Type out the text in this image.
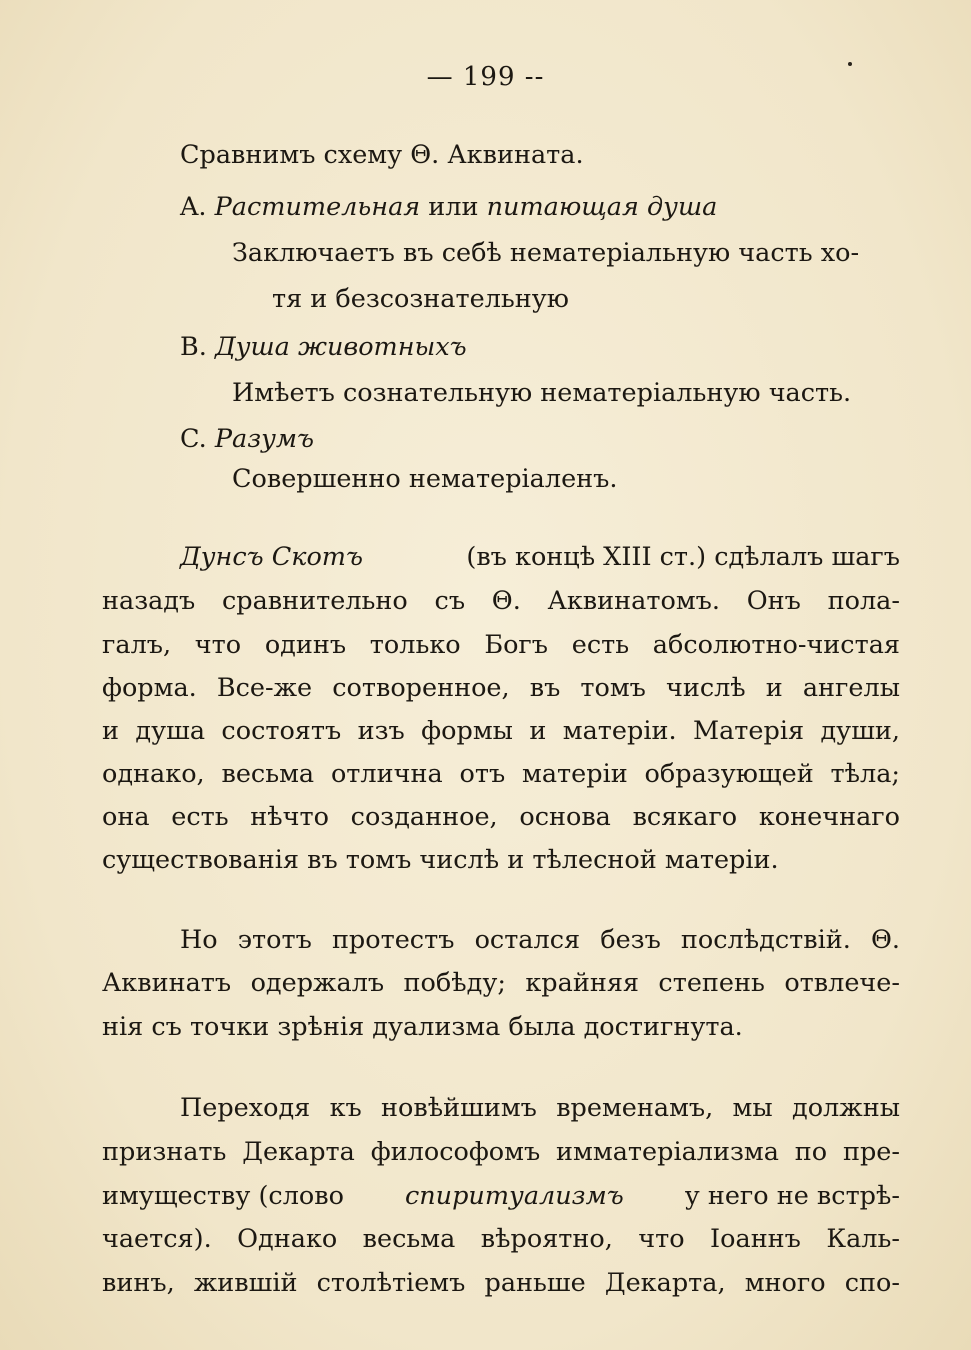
— 199 --
Сравнимъ схему Θ. Аквината.
A. Растительная или питающая душа
Заключаетъ въ себѣ нематеріальную часть хо-
тя и безсознательную
B. Душа животныхъ
Имѣетъ сознательную нематеріальную часть.
C. Разумъ
Совершенно нематеріаленъ.
Дунсъ Скотъ	(въ концѣ XIII ст.) сдѣлалъ шагъ
назадъ сравнительно съ Θ. Аквинатомъ. Онъ пола-
галъ, что одинъ только Богъ есть абсолютно-чистая
форма. Все-же сотворенное, въ томъ числѣ и ангелы
и душа состоятъ изъ формы и матеріи. Матерія души,
однако, весьма отлична отъ матеріи образующей тѣла;
она есть нѣчто созданное, основа всякаго конечнаго
существованія въ томъ числѣ и тѣлесной матеріи.
Но этотъ протестъ остался безъ послѣдствій. Θ.
Аквинатъ одержалъ побѣду; крайняя степень отвлече-
нія съ точки зрѣнія дуализма была достигнута.
Переходя къ новѣйшимъ временамъ, мы должны
признать Декарта философомъ имматеріализма по пре-
имуществу (слово спиритуализмъ у него не встрѣ-
чается). Однако весьма вѣроятно, что Іоаннъ Каль-
винъ, жившій столѣтіемъ раньше Декарта, много спо-
